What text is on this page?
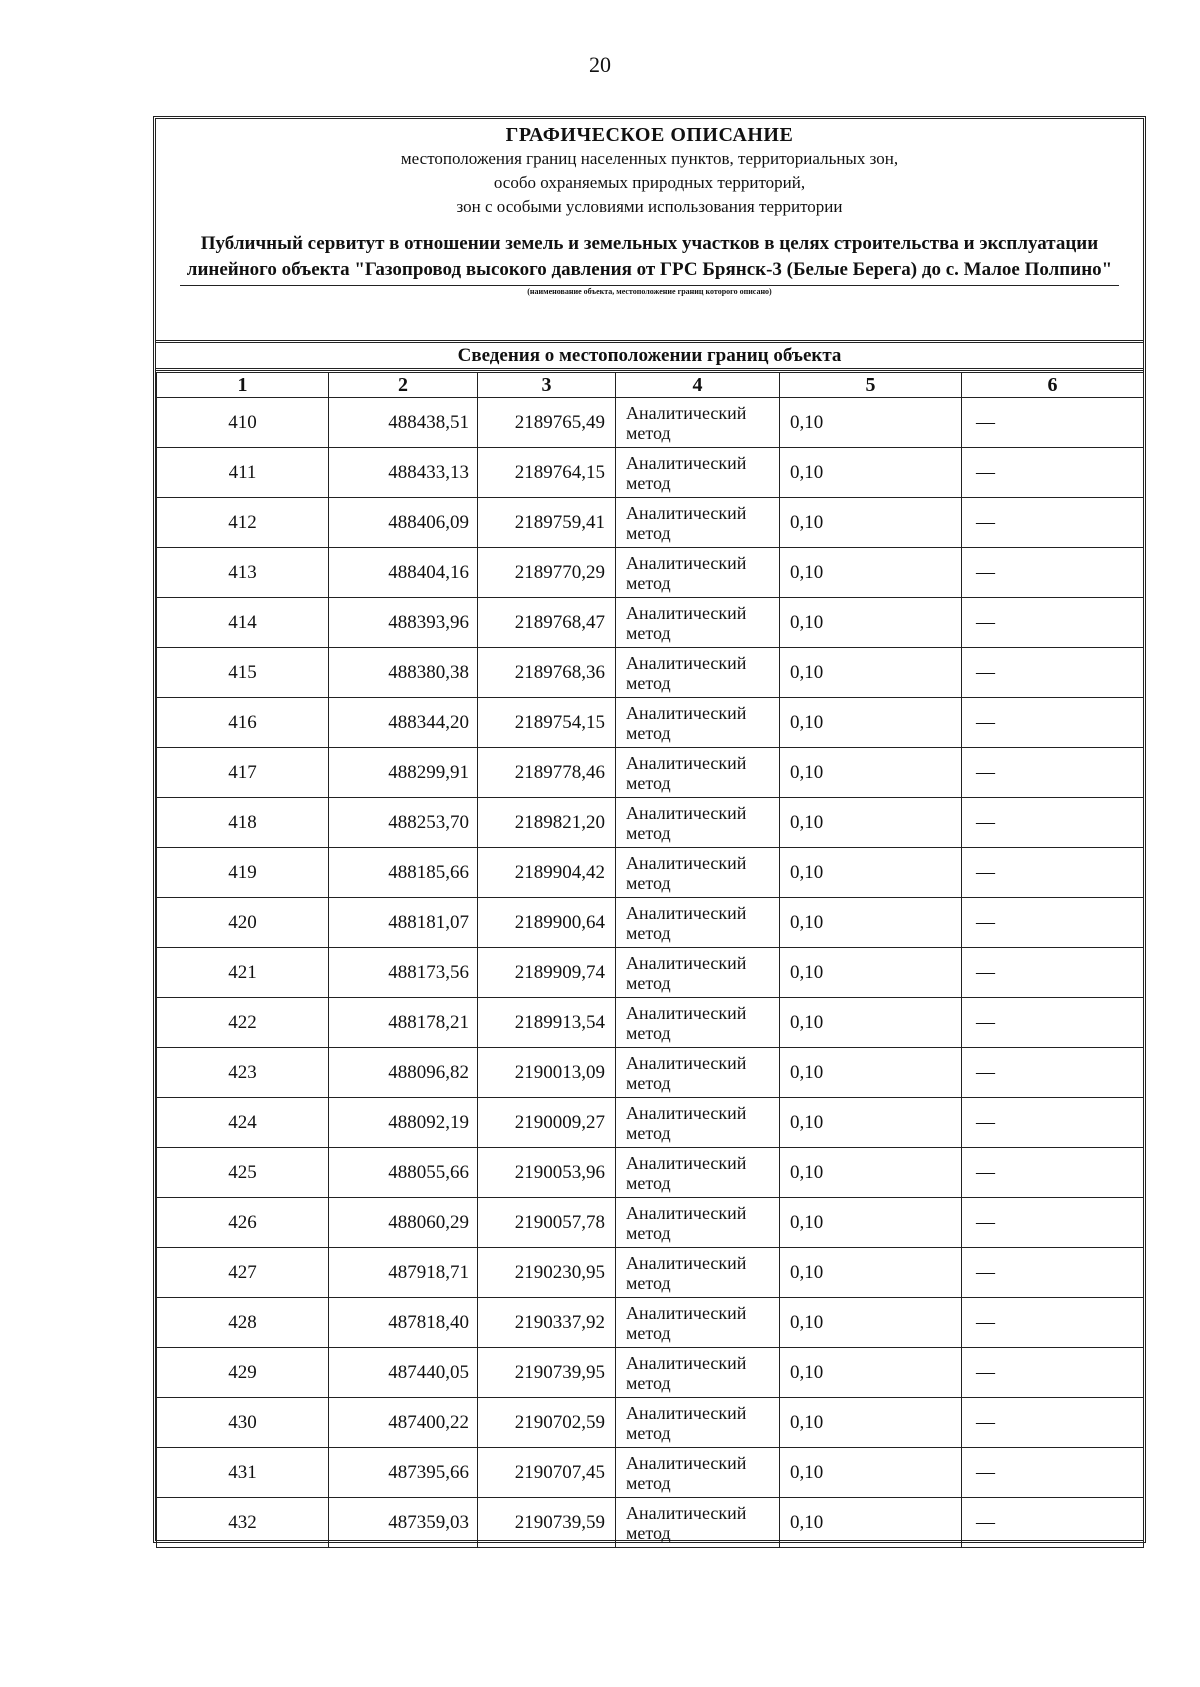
20
ГРАФИЧЕСКОЕ ОПИСАНИЕ
местоположения границ населенных пунктов, территориальных зон,
особо охраняемых природных территорий,
зон с особыми условиями использования территории
Публичный сервитут в отношении земель и земельных участков в целях строительства и эксплуатации линейного объекта "Газопровод высокого давления от ГРС Брянск-3 (Белые Берега) до с. Малое Полпино"
(наименование объекта, местоположение границ которого описано)
Сведения о местоположении границ объекта
1	2	3	4	5	6
410	488438,51	2189765,49	Аналитический метод	0,10	—
411	488433,13	2189764,15	Аналитический метод	0,10	—
412	488406,09	2189759,41	Аналитический метод	0,10	—
413	488404,16	2189770,29	Аналитический метод	0,10	—
414	488393,96	2189768,47	Аналитический метод	0,10	—
415	488380,38	2189768,36	Аналитический метод	0,10	—
416	488344,20	2189754,15	Аналитический метод	0,10	—
417	488299,91	2189778,46	Аналитический метод	0,10	—
418	488253,70	2189821,20	Аналитический метод	0,10	—
419	488185,66	2189904,42	Аналитический метод	0,10	—
420	488181,07	2189900,64	Аналитический метод	0,10	—
421	488173,56	2189909,74	Аналитический метод	0,10	—
422	488178,21	2189913,54	Аналитический метод	0,10	—
423	488096,82	2190013,09	Аналитический метод	0,10	—
424	488092,19	2190009,27	Аналитический метод	0,10	—
425	488055,66	2190053,96	Аналитический метод	0,10	—
426	488060,29	2190057,78	Аналитический метод	0,10	—
427	487918,71	2190230,95	Аналитический метод	0,10	—
428	487818,40	2190337,92	Аналитический метод	0,10	—
429	487440,05	2190739,95	Аналитический метод	0,10	—
430	487400,22	2190702,59	Аналитический метод	0,10	—
431	487395,66	2190707,45	Аналитический метод	0,10	—
432	487359,03	2190739,59	Аналитический метод	0,10	—
